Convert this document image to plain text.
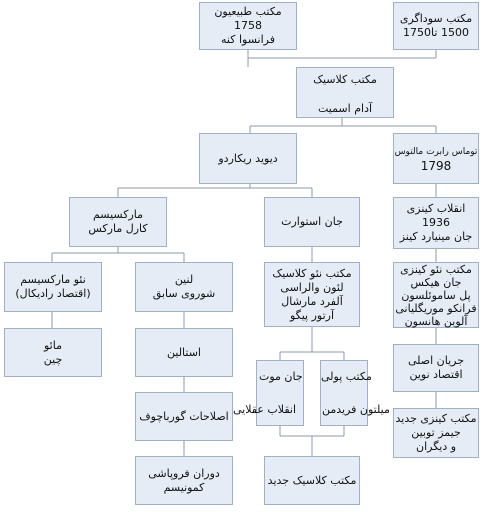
مکتب سوداگری
1500 تا1750
مکتب طبیعیون
1758
فرانسوا کنه
مکتب کلاسیک
آدام اسمیت
توماس رابرت مالتوس
1798
دیوید ریکاردو
مارکسیسم
کارل مارکس
جان استوارت
انقلاب کینزی
1936
جان مینیارد کینز
نئو مارکسیسم
(اقتصاد رادیکال)
لنین
شوروی سابق
مکتب نئو کلاسیک
لئون والراسی
آلفرد مارشال
آرتور پیگو
مکتب نئو کینزی
جان هیکس
پل ساموئلسون
فرانکو موریگلیانی
آلوین هانسون
مائو
چین
استالین
جان موت
انقلاب عقلایی
مکتب پولی
میلتون فریدمن
جریان اصلی
اقتصاد نوین
اصلاحات گورباچوف	مکتب کینزی جدید
جیمز توبین
و دیگران
دوران فروپاشی
کمونیسم
مکتب کلاسیک جدید
